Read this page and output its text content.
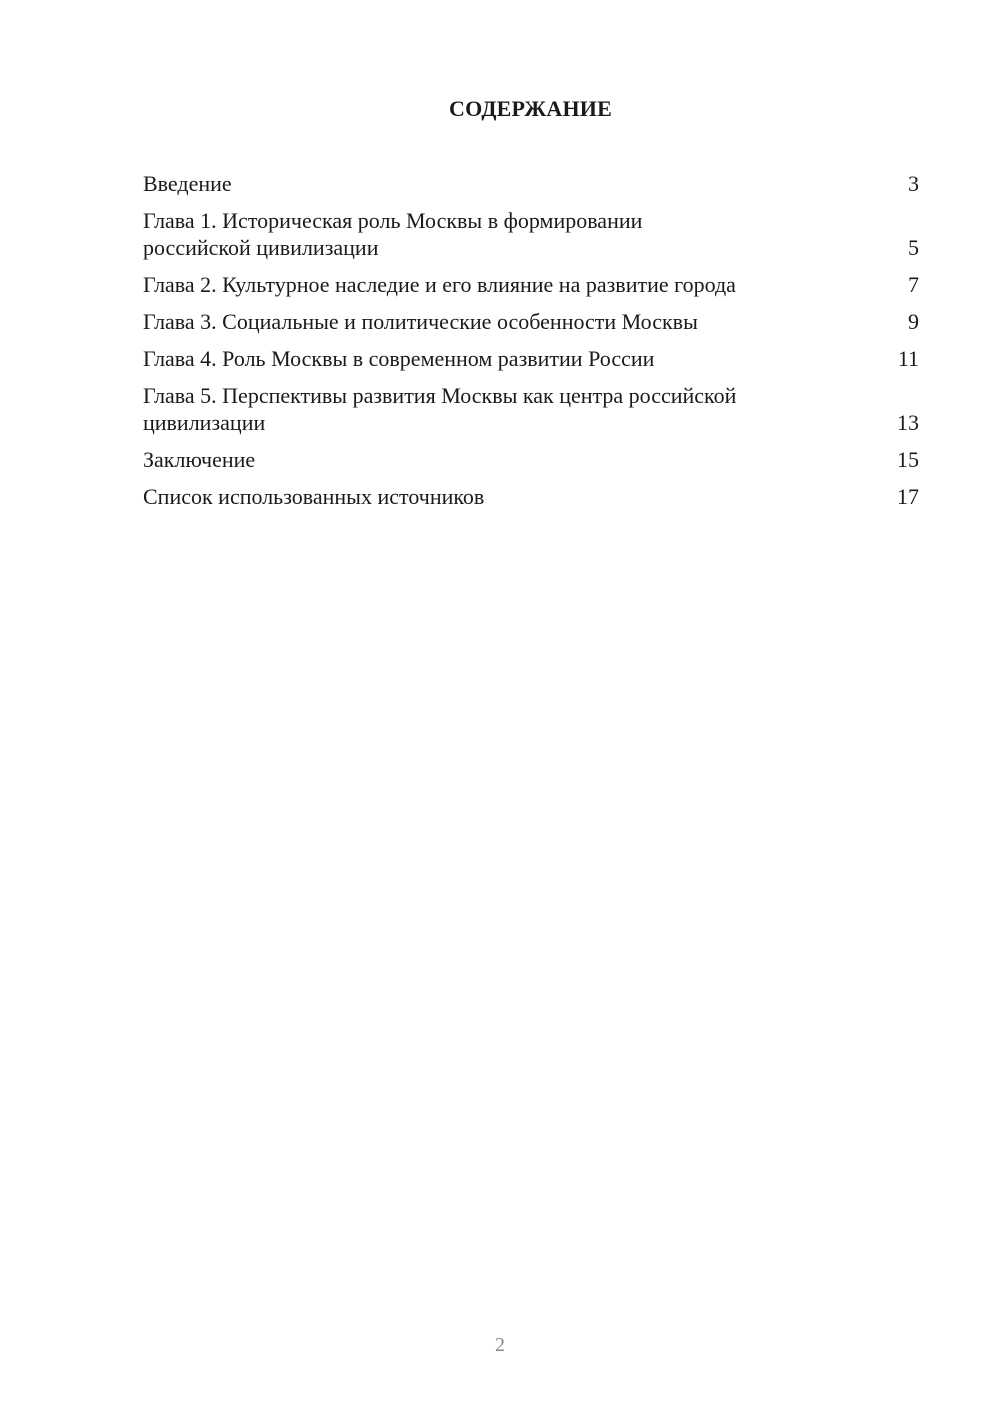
СОДЕРЖАНИЕ
Введение	3
Глава 1. Историческая роль Москвы в формировании
российской цивилизации	5
Глава 2. Культурное наследие и его влияние на развитие города	7
Глава 3. Социальные и политические особенности Москвы	9
Глава 4. Роль Москвы в современном развитии России	11
Глава 5. Перспективы развития Москвы как центра российской
цивилизации	13
Заключение	15
Список использованных источников	17
2
